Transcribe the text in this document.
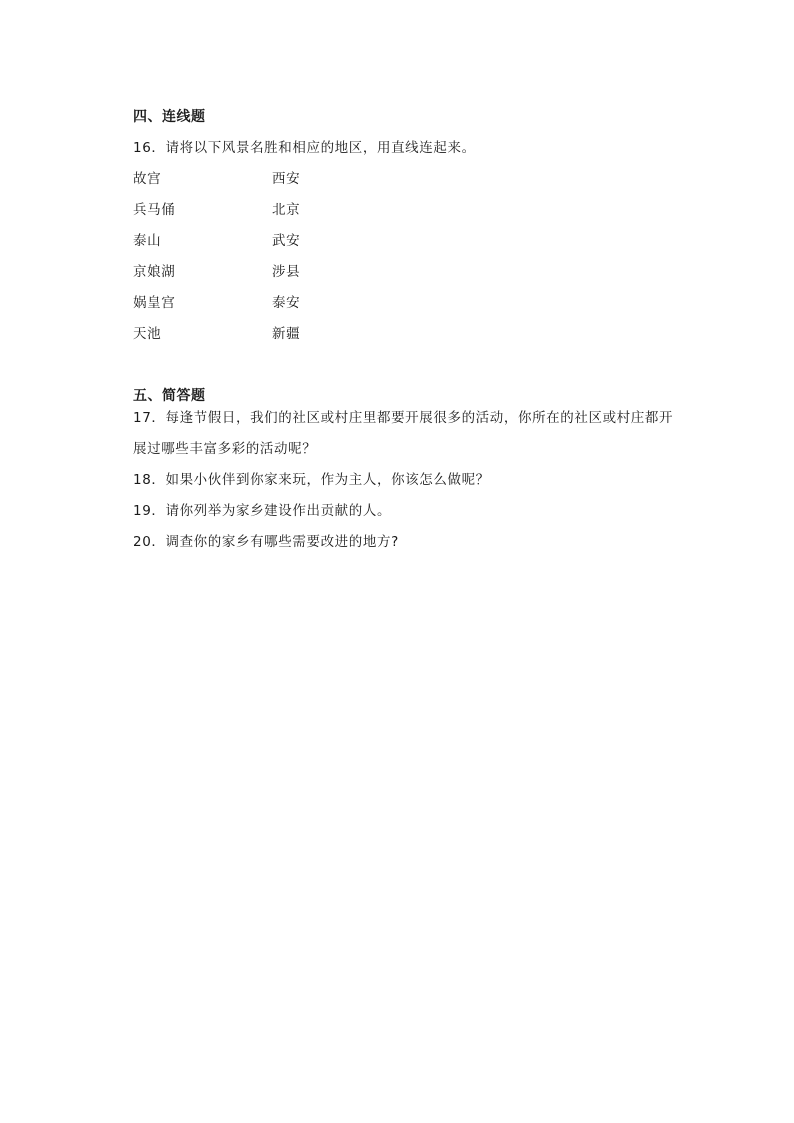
四、连线题

16．请将以下风景名胜和相应的地区，用直线连起来。

故宫	西安
兵马俑	北京
泰山	武安
京娘湖	涉县
娲皇宫	泰安
天池	新疆

五、简答题

17．每逢节假日，我们的社区或村庄里都要开展很多的活动，你所在的社区或村庄都开

展过哪些丰富多彩的活动呢？

18．如果小伙伴到你家来玩，作为主人，你该怎么做呢？

19．请你列举为家乡建设作出贡献的人。

20．调查你的家乡有哪些需要改进的地方?
